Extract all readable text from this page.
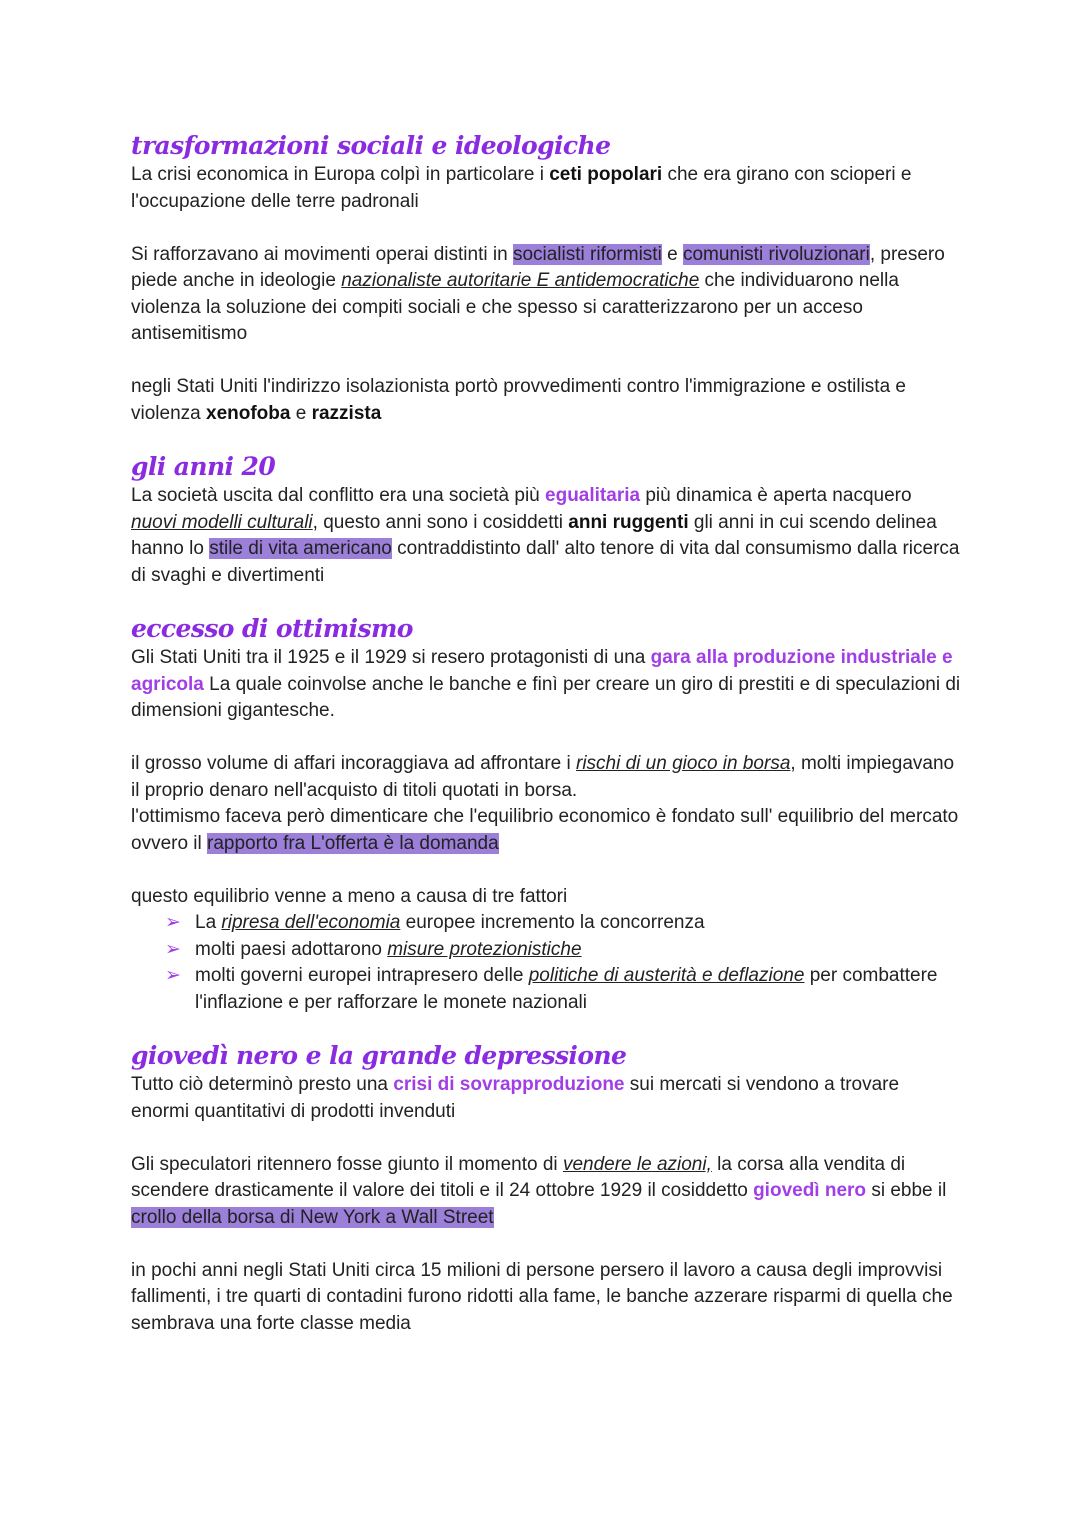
trasformazioni sociali e ideologiche

La crisi economica in Europa colpì in particolare i ceti popolari che era girano con scioperi e l'occupazione delle terre padronali

Si rafforzavano ai movimenti operai distinti in socialisti riformisti e comunisti rivoluzionari, presero piede anche in ideologie nazionaliste autoritarie E antidemocratiche che individuarono nella violenza la soluzione dei compiti sociali e che spesso si caratterizzarono per un acceso antisemitismo

negli Stati Uniti l'indirizzo isolazionista portò provvedimenti contro l'immigrazione e ostilista e violenza xenofoba e razzista

gli anni 20

La società uscita dal conflitto era una società più egualitaria più dinamica è aperta nacquero nuovi modelli culturali, questo anni sono i cosiddetti anni ruggenti gli anni in cui scendo delinea hanno lo stile di vita americano contraddistinto dall' alto tenore di vita dal consumismo dalla ricerca di svaghi e divertimenti

eccesso di ottimismo

Gli Stati Uniti tra il 1925 e il 1929 si resero protagonisti di una gara alla produzione industriale e agricola La quale coinvolse anche le banche e finì per creare un giro di prestiti e di speculazioni di dimensioni gigantesche.

il grosso volume di affari incoraggiava ad affrontare i rischi di un gioco in borsa, molti impiegavano il proprio denaro nell'acquisto di titoli quotati in borsa.

l'ottimismo faceva però dimenticare che l'equilibrio economico è fondato sull' equilibrio del mercato ovvero il rapporto fra L'offerta è la domanda

questo equilibrio venne a meno a causa di tre fattori

➢ La ripresa dell'economia europee incremento la concorrenza
➢ molti paesi adottarono misure protezionistiche
➢ molti governi europei intrapresero delle politiche di austerità e deflazione per combattere l'inflazione e per rafforzare le monete nazionali
giovedì nero e la grande depressione

Tutto ciò determinò presto una crisi di sovrapproduzione sui mercati si vendono a trovare enormi quantitativi di prodotti invenduti

Gli speculatori ritennero fosse giunto il momento di vendere le azioni, la corsa alla vendita di scendere drasticamente il valore dei titoli e il 24 ottobre 1929 il cosiddetto giovedì nero si ebbe il crollo della borsa di New York a Wall Street

in pochi anni negli Stati Uniti circa 15 milioni di persone persero il lavoro a causa degli improvvisi fallimenti, i tre quarti di contadini furono ridotti alla fame, le banche azzerare risparmi di quella che sembrava una forte classe media
